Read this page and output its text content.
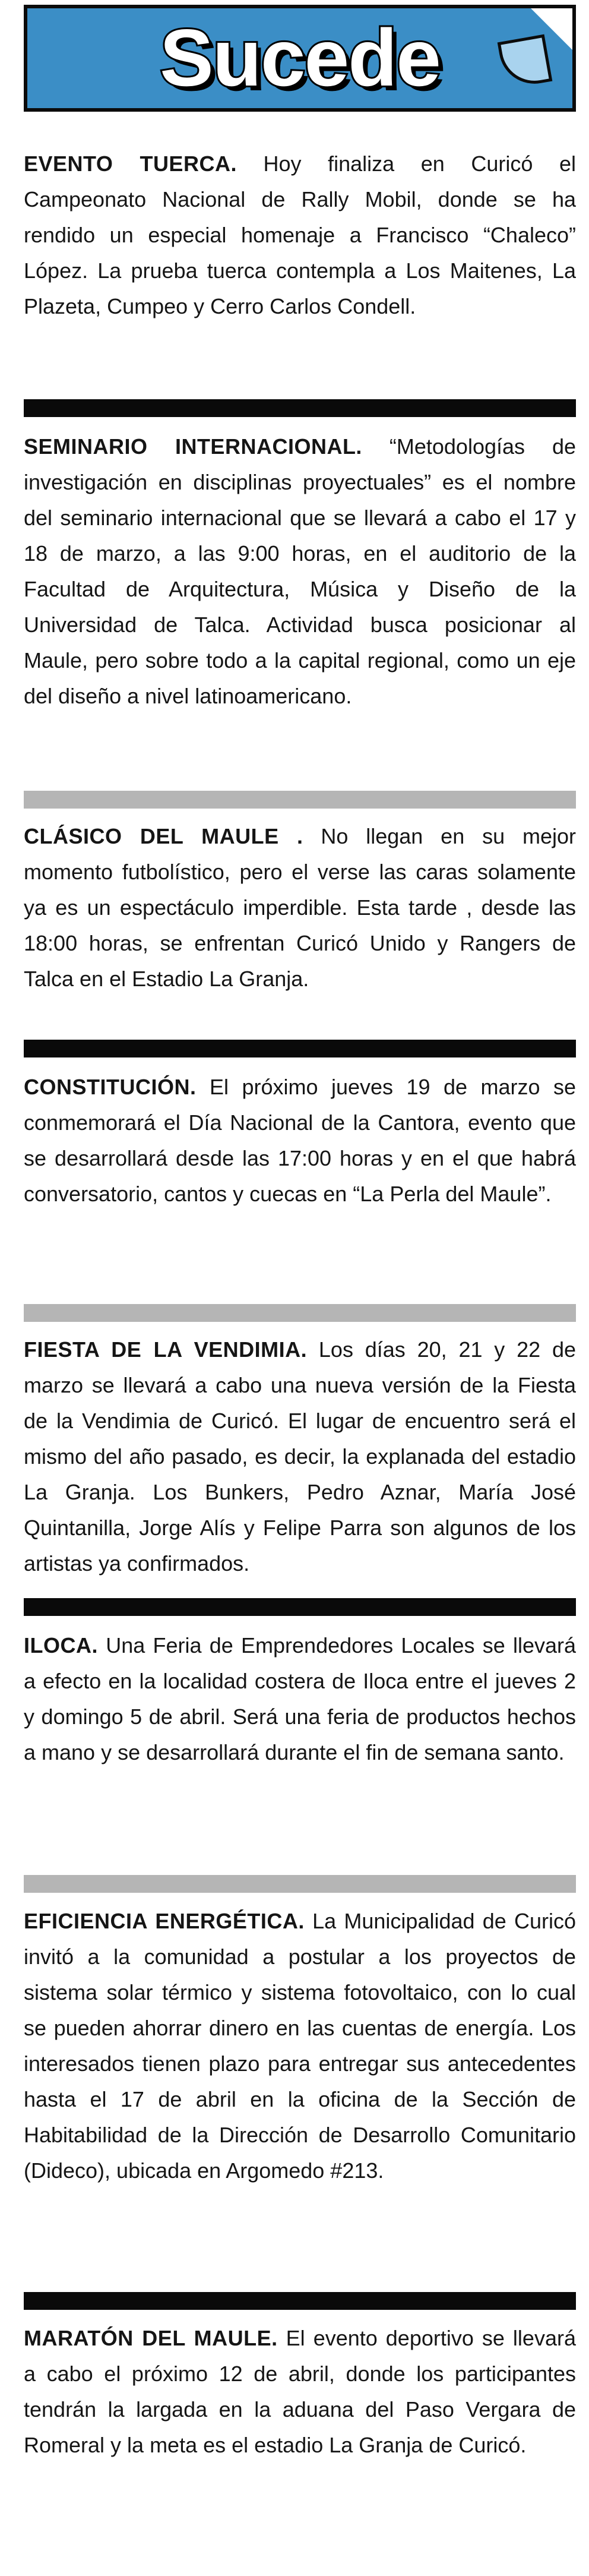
Sucede
EVENTO TUERCA. Hoy finaliza en Curicó el Campeonato Nacional de Rally Mobil, donde se ha rendido un especial homenaje a Francisco “Chaleco” López. La prueba tuerca contempla a Los Maitenes, La Plazeta, Cumpeo y Cerro Carlos Condell.
SEMINARIO INTERNACIONAL. “Metodologías de investigación en disciplinas proyectuales” es el nombre del seminario internacional que se llevará a cabo el 17 y 18 de marzo, a las 9:00 horas, en el auditorio de la Facultad de Arquitectura, Música y Diseño de la Universidad de Talca. Actividad busca posicionar al Maule, pero sobre todo a la capital regional, como un eje del diseño a nivel latinoamericano.
CLÁSICO DEL MAULE . No llegan en su mejor momento futbolístico, pero el verse las caras solamente ya es un espectáculo imperdible. Esta tarde , desde las 18:00 horas, se enfrentan Curicó Unido y Rangers de Talca en el Estadio La Granja.
CONSTITUCIÓN. El próximo jueves 19 de marzo se conmemorará el Día Nacional de la Cantora, evento que se desarrollará desde las 17:00 horas y en el que habrá conversatorio, cantos y cuecas en “La Perla del Maule”.
FIESTA DE LA VENDIMIA. Los días 20, 21 y 22 de marzo se llevará a cabo una nueva versión de la Fiesta de la Vendimia de Curicó. El lugar de encuentro será el mismo del año pasado, es decir, la explanada del estadio La Granja. Los Bunkers, Pedro Aznar, María José Quintanilla, Jorge Alís y Felipe Parra son algunos de los artistas ya confirmados.
ILOCA. Una Feria de Emprendedores Locales se llevará a efecto en la localidad costera de Iloca entre el jueves 2 y domingo 5 de abril. Será una feria de productos hechos a mano y se desarrollará durante el fin de semana santo.
EFICIENCIA ENERGÉTICA. La Municipalidad de Curicó invitó a la comunidad a postular a los proyectos de sistema solar térmico y sistema fotovoltaico, con lo cual se pueden ahorrar dinero en las cuentas de energía. Los interesados tienen plazo para entregar sus antecedentes hasta el 17 de abril en la oficina de la Sección de Habitabilidad de la Dirección de Desarrollo Comunitario (Dideco), ubicada en Argomedo #213.
MARATÓN DEL MAULE. El evento deportivo se llevará a cabo el próximo 12 de abril, donde los participantes tendrán la largada en la aduana del Paso Vergara de Romeral y la meta es el estadio La Granja de Curicó.
